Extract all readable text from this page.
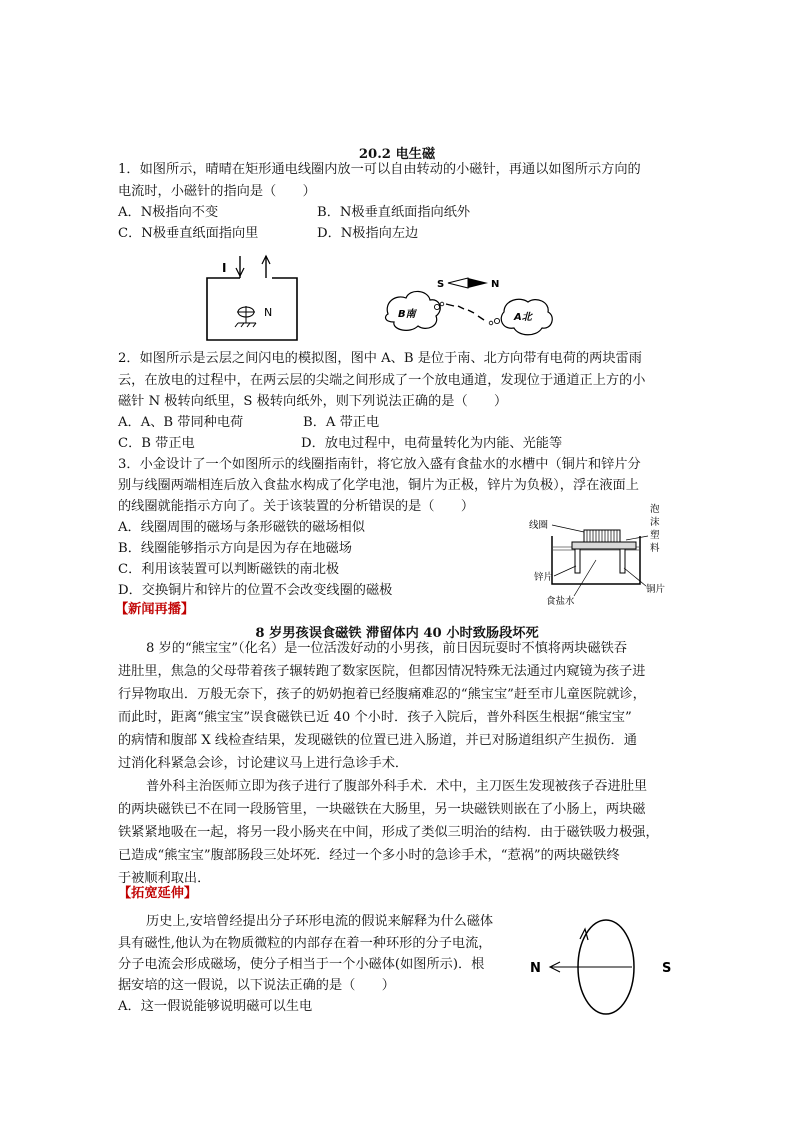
20.2 电生磁
1．如图所示，晴晴在矩形通电线圈内放一可以自由转动的小磁针，再通以如图所示方向的
电流时，小磁针的指向是（　　）
A．N极指向不变	B．N极垂直纸面指向纸外
C．N极垂直纸面指向里	D．N极指向左边
I
N
S	N
B南	A北
2．如图所示是云层之间闪电的模拟图，图中 A、B 是位于南、北方向带有电荷的两块雷雨
云，在放电的过程中，在两云层的尖端之间形成了一个放电通道，发现位于通道正上方的小
磁针 N 极转向纸里，S 极转向纸外，则下列说法正确的是（　　）
A．A、B 带同种电荷	B．A 带正电
C．B 带正电	D．放电过程中，电荷量转化为内能、光能等
3．小金设计了一个如图所示的线圈指南针，将它放入盛有食盐水的水槽中（铜片和锌片分
别与线圈两端相连后放入食盐水构成了化学电池，铜片为正极，锌片为负极），浮在液面上
的线圈就能指示方向了。关于该装置的分析错误的是（　　）
A．线圈周围的磁场与条形磁铁的磁场相似
B．线圈能够指示方向是因为存在地磁场
C．利用该装置可以判断磁铁的南北极
D．交换铜片和锌片的位置不会改变线圈的磁极
线圈
泡
沫
塑
料
锌片
铜片
食盐水
【新闻再播】
8 岁男孩误食磁铁 滞留体内 40 小时致肠段坏死
8 岁的“熊宝宝”（化名）是一位活泼好动的小男孩，前日因玩耍时不慎将两块磁铁吞
进肚里，焦急的父母带着孩子辗转跑了数家医院，但都因情况特殊无法通过内窥镜为孩子进
行异物取出．万般无奈下，孩子的奶奶抱着已经腹痛难忍的“熊宝宝”赶至市儿童医院就诊，
而此时，距离“熊宝宝”误食磁铁已近 40 个小时．孩子入院后，普外科医生根据“熊宝宝”
的病情和腹部 X 线检查结果，发现磁铁的位置已进入肠道，并已对肠道组织产生损伤．通
过消化科紧急会诊，讨论建议马上进行急诊手术．
普外科主治医师立即为孩子进行了腹部外科手术．术中，主刀医生发现被孩子吞进肚里
的两块磁铁已不在同一段肠管里，一块磁铁在大肠里，另一块磁铁则嵌在了小肠上，两块磁
铁紧紧地吸在一起，将另一段小肠夹在中间，形成了类似三明治的结构．由于磁铁吸力极强，
已造成“熊宝宝”腹部肠段三处坏死．经过一个多小时的急诊手术，“惹祸”的两块磁铁终
于被顺利取出．
【拓宽延伸】
历史上,安培曾经提出分子环形电流的假说来解释为什么磁体
具有磁性,他认为在物质微粒的内部存在着一种环形的分子电流，
分子电流会形成磁场，使分子相当于一个小磁体(如图所示)．根
据安培的这一假说，以下说法正确的是（　　）
A．这一假说能够说明磁可以生电
N	S
